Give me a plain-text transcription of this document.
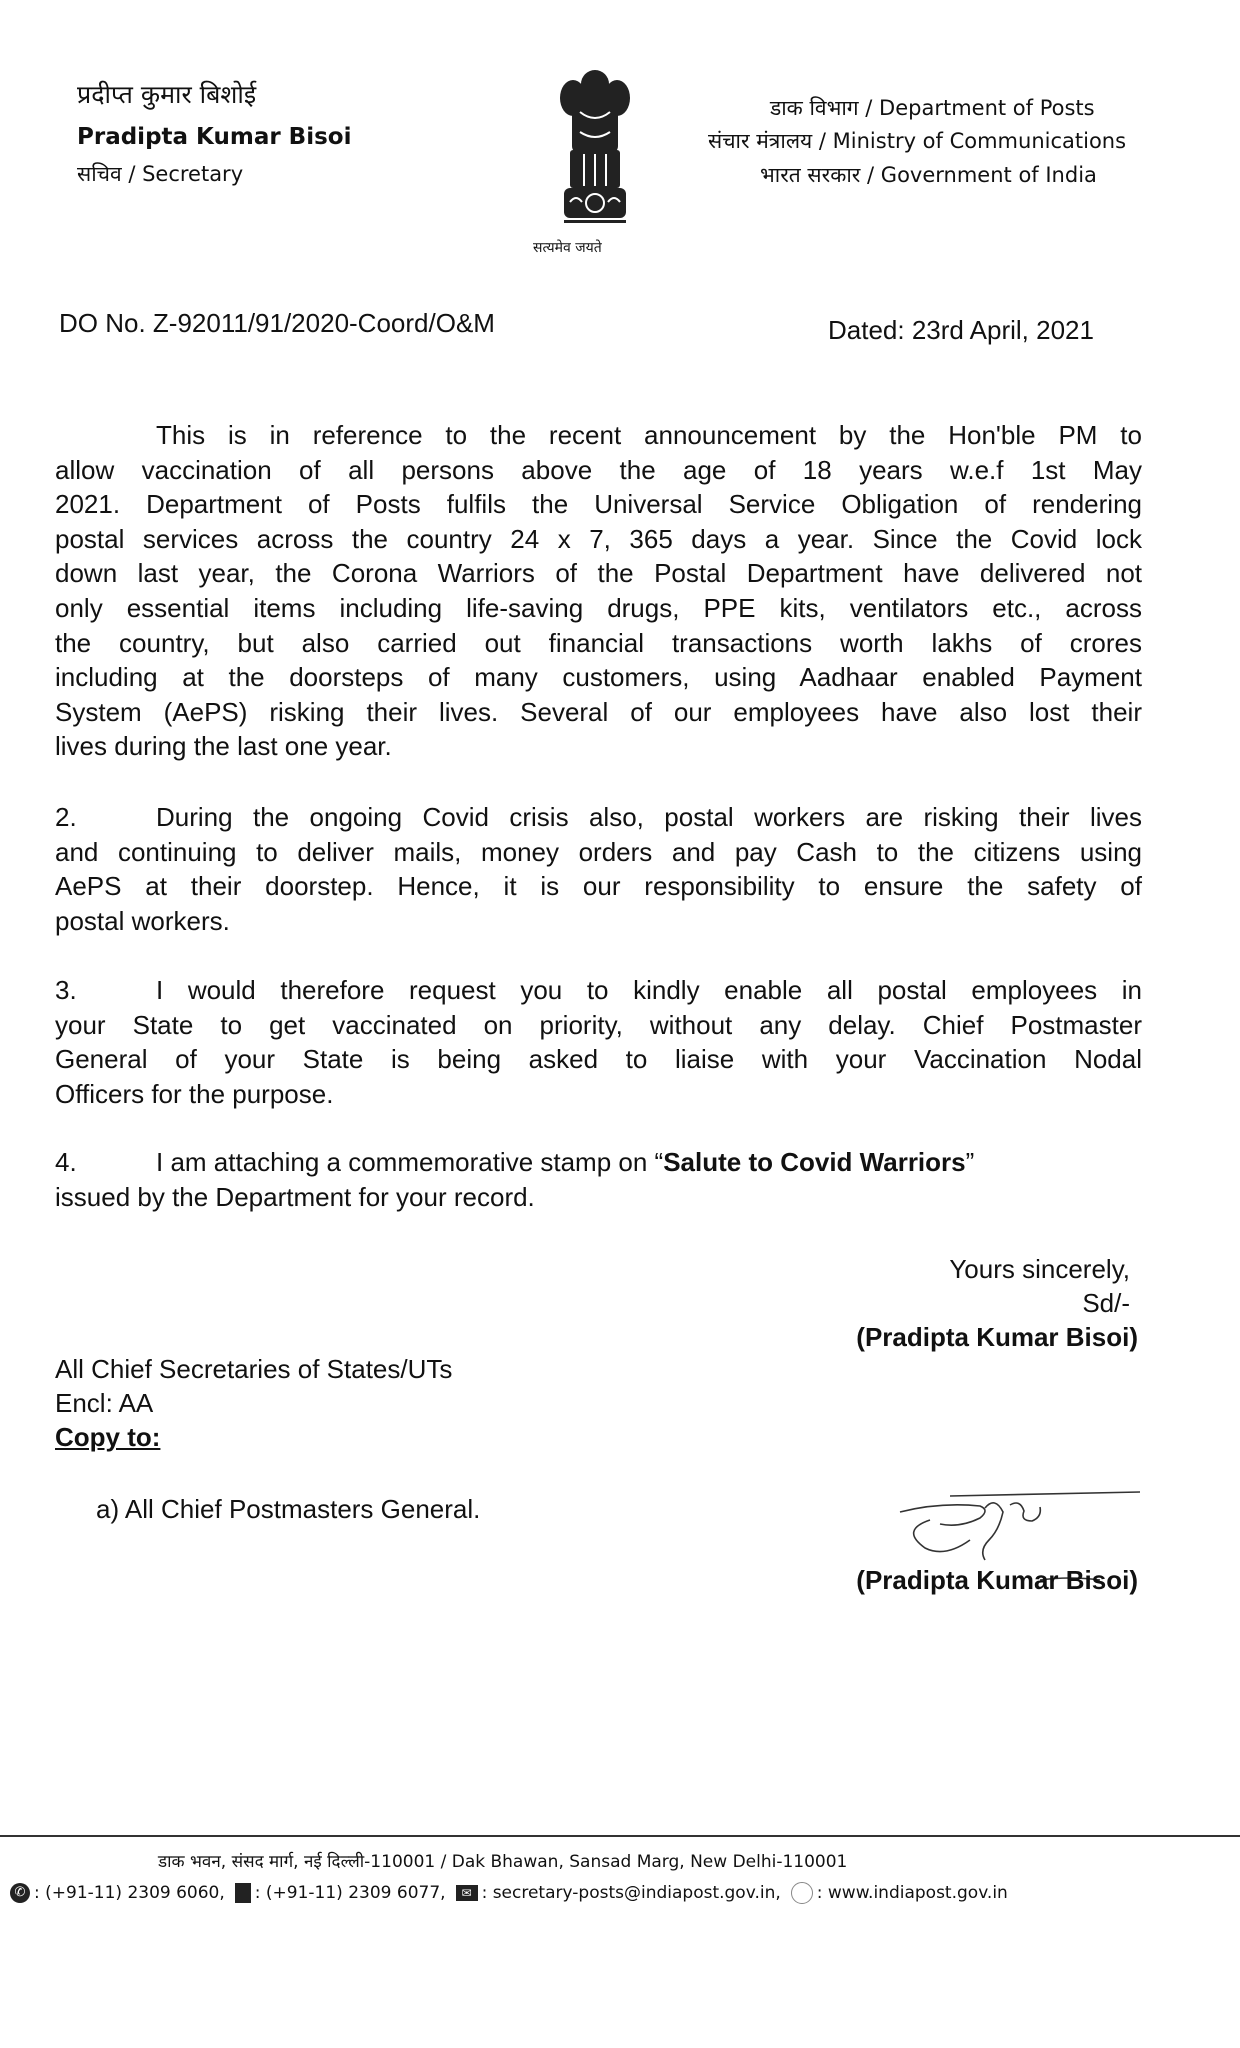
प्रदीप्त कुमार बिशोई
Pradipta Kumar Bisoi
सचिव / Secretary
सत्यमेव जयते
डाक विभाग / Department of Posts
संचार मंत्रालय / Ministry of Communications
भारत सरकार / Government of India
DO No. Z-92011/91/2020-Coord/O&M	Dated: 23rd April, 2021
This is in reference to the recent announcement by the Hon'ble PM to
allow vaccination of all persons above the age of 18 years w.e.f 1st May
2021. Department of Posts fulfils the Universal Service Obligation of rendering
postal services across the country 24 x 7, 365 days a year. Since the Covid lock
down last year, the Corona Warriors of the Postal Department have delivered not
only essential items including life-saving drugs, PPE kits, ventilators etc., across
the country, but also carried out financial transactions worth lakhs of crores
including at the doorsteps of many customers, using Aadhaar enabled Payment
System (AePS) risking their lives. Several of our employees have also lost their
lives during the last one year.
2.	During the ongoing Covid crisis also, postal workers are risking their lives
and continuing to deliver mails, money orders and pay Cash to the citizens using
AePS at their doorstep. Hence, it is our responsibility to ensure the safety of
postal workers.
3.	I would therefore request you to kindly enable all postal employees in
your State to get vaccinated on priority, without any delay. Chief Postmaster
General of your State is being asked to liaise with your Vaccination Nodal
Officers for the purpose.
4.	I am attaching a commemorative stamp on “Salute to Covid Warriors”
issued by the Department for your record.
Yours sincerely,
Sd/-
(Pradipta Kumar Bisoi)
All Chief Secretaries of States/UTs
Encl: AA
Copy to:
a) All Chief Postmasters General.
(Pradipta Kumar Bisoi)
डाक भवन, संसद मार्ग, नई दिल्ली-110001 / Dak Bhawan, Sansad Marg, New Delhi-110001
✆ : (+91-11) 2309 6060, : (+91-11) 2309 6077,	✉ : secretary-posts@indiapost.gov.in, : www.indiapost.gov.in
